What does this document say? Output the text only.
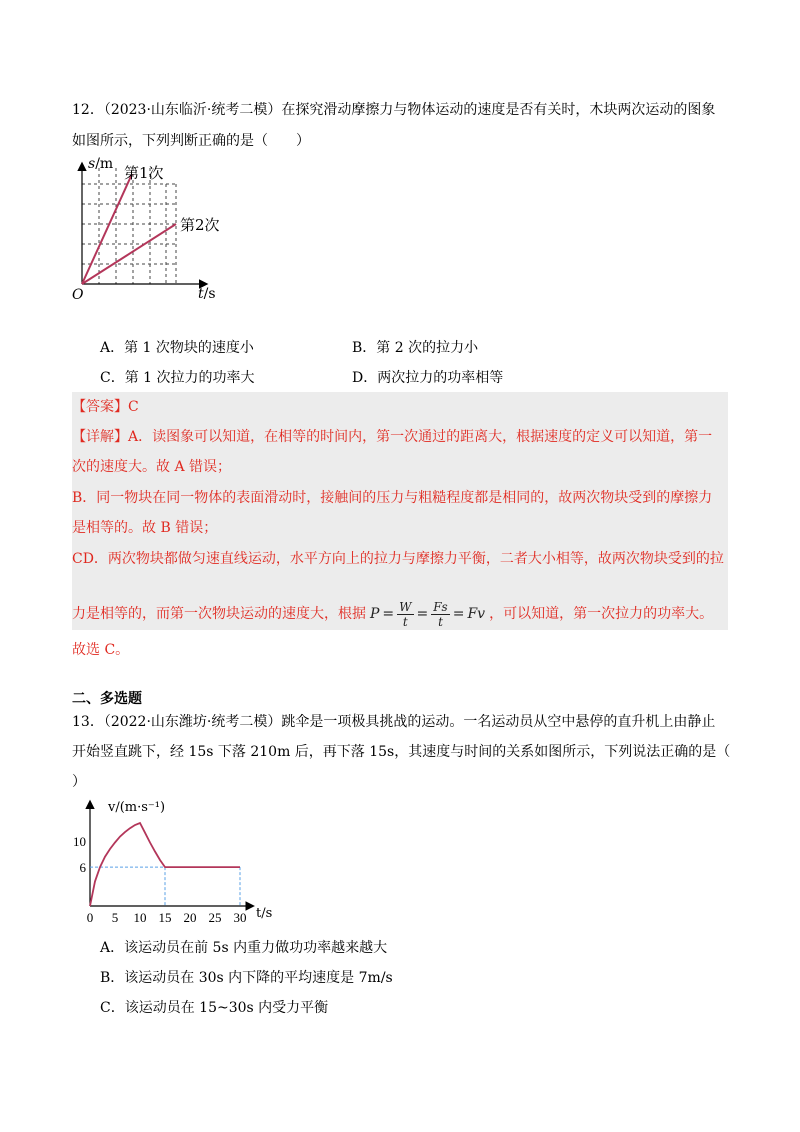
12．（2023·山东临沂·统考二模）在探究滑动摩擦力与物体运动的速度是否有关时，木块两次运动的图象
如图所示，下列判断正确的是（　　）
s/m 第1次
第2次
O	t/s
A．第 1 次物块的速度小	B．第 2 次的拉力小
C．第 1 次拉力的功率大	D．两次拉力的功率相等
【答案】C
【详解】A．读图象可以知道，在相等的时间内，第一次通过的距离大，根据速度的定义可以知道，第一
次的速度大。故 A 错误；
B．同一物块在同一物体的表面滑动时，接触间的压力与粗糙程度都是相同的，故两次物块受到的摩擦力
是相等的。故 B 错误；
CD．两次物块都做匀速直线运动，水平方向上的拉力与摩擦力平衡，二者大小相等，故两次物块受到的拉
力是相等的，而第一次物块运动的速度大，根据 $P = \frac{W}{t} = \frac{Fs}{t} = Fv$ ，可以知道，第一次拉力的功率大。
故选 C。
二、多选题
13．（2022·山东潍坊·统考二模）跳伞是一项极具挑战的运动。一名运动员从空中悬停的直升机上由静止
开始竖直跳下，经 15s 下落 210m 后，再下落 15s，其速度与时间的关系如图所示，下列说法正确的是（
）
0 5 10 15 20 25 30
6
10
v/(m·s⁻¹)
t/s
A．该运动员在前 5s 内重力做功功率越来越大
B．该运动员在 30s 内下降的平均速度是 7m/s
C．该运动员在 15~30s 内受力平衡
